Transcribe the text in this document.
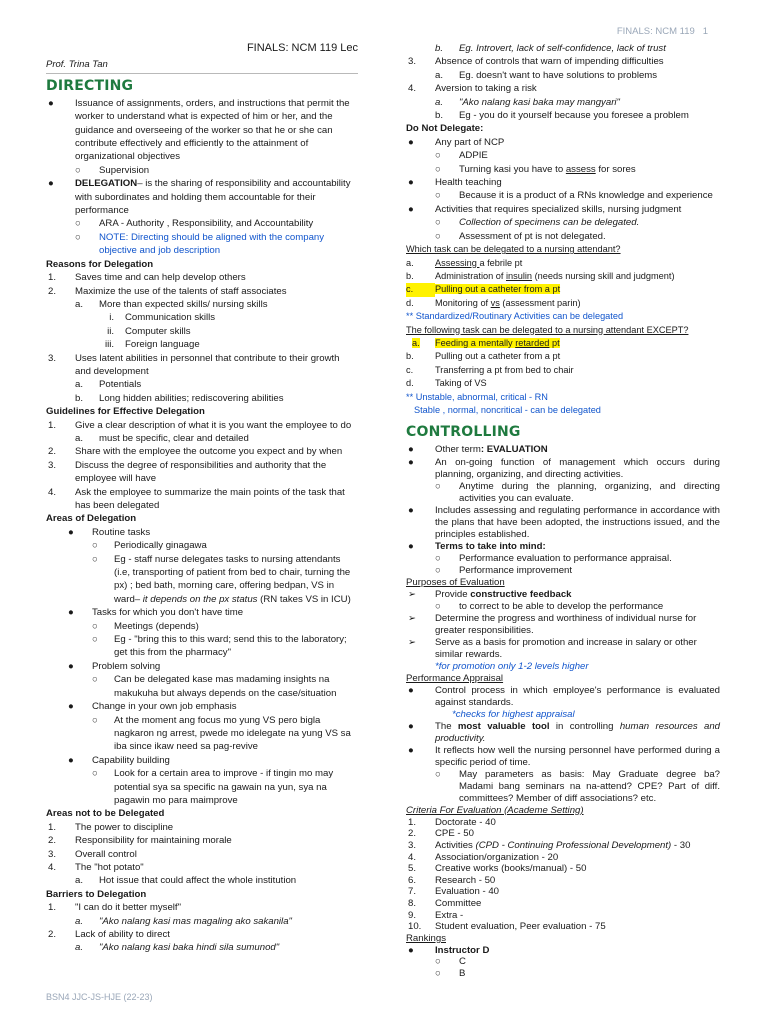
FINALS: NCM 119 1
FINALS: NCM 119 Lec
Prof. Trina Tan
DIRECTING
●	Issuance of assignments, orders, and instructions that permit the worker to understand what is expected of him or her, and the guidance and overseeing of the worker so that he or she can contribute effectively and efficiently to the attainment of organizational objectives
○	Supervision
●	DELEGATION– is the sharing of responsibility and accountability with subordinates and holding them accountable for their performance
○	ARA - Authority , Responsibility, and Accountability
○	NOTE: Directing should be aligned with the company objective and job description
Reasons for Delegation
1.	Saves time and can help develop others
2.	Maximize the use of the talents of staff associates
a.	More than expected skills/ nursing skills
i.	Communication skills
ii.	Computer skills
iii.	Foreign language
3.	Uses latent abilities in personnel that contribute to their growth and development
a.	Potentials
b.	Long hidden abilities; rediscovering abilities
Guidelines for Effective Delegation
1.	Give a clear description of what it is you want the employee to do
a.	must be specific, clear and detailed
2.	Share with the employee the outcome you expect and by when
3.	Discuss the degree of responsibilities and authority that the employee will have
4.	Ask the employee to summarize the main points of the task that has been delegated
Areas of Delegation
●	Routine tasks
○	Periodically ginagawa
○	Eg - staff nurse delegates tasks to nursing attendants (i.e, transporting of patient from bed to chair, turning the px) ; bed bath, morning care, offering bedpan, VS in ward– it depends on the px status (RN takes VS in ICU)
●	Tasks for which you don't have time
○	Meetings (depends)
○	Eg - "bring this to this ward; send this to the laboratory; get this from the pharmacy"
●	Problem solving
○	Can be delegated kase mas madaming insights na makukuha but always depends on the case/situation
●	Change in your own job emphasis
○	At the moment ang focus mo yung VS pero bigla nagkaron ng arrest, pwede mo idelegate na yung VS sa iba since ikaw need sa pag-revive
●	Capability building
○	Look for a certain area to improve - if tingin mo may potential sya sa specific na gawain na yun, sya na pagawin mo para maimprove
Areas not to be Delegated
1.	The power to discipline
2.	Responsibility for maintaining morale
3.	Overall control
4.	The "hot potato"
a.	Hot issue that could affect the whole institution
Barriers to Delegation
1.	"I can do it better myself"
a.	"Ako nalang kasi mas magaling ako sakanila"
2.	Lack of ability to direct
a.	"Ako nalang kasi baka hindi sila sumunod"
b.	Eg. Introvert, lack of self-confidence, lack of trust
3.	Absence of controls that warn of impending difficulties
a.	Eg. doesn't want to have solutions to problems
4.	Aversion to taking a risk
a.	"Ako nalang kasi baka may mangyari"
b.	Eg - you do it yourself because you foresee a problem
Do Not Delegate:
●	Any part of NCP
○	ADPIE
○	Turning kasi you have to assess for sores
●	Health teaching
○	Because it is a product of a RNs knowledge and experience
●	Activities that requires specialized skills, nursing judgment
○	Collection of specimens can be delegated.
○	Assessment of pt is not delegated.
Which task can be delegated to a nursing attendant?
a.	Assessing a febrile pt
b.	Administration of insulin (needs nursing skill and judgment)
c.	Pulling out a catheter from a pt
d.	Monitoring of vs (assessment parin)
** Standardized/Routinary Activities can be delegated
The following task can be delegated to a nursing attendant EXCEPT?
a.	Feeding a mentally retarded pt
b.	Pulling out a catheter from a pt
c.	Transferring a pt from bed to chair
d.	Taking of VS
** Unstable, abnormal, critical - RN
Stable , normal, noncritical - can be delegated
CONTROLLING
●	Other term: EVALUATION
●	An on-going function of management which occurs during planning, organizing, and directing activities.
○	Anytime during the planning, organizing, and directing activities you can evaluate.
●	Includes assessing and regulating performance in accordance with the plans that have been adopted, the instructions issued, and the principles established.
●	Terms to take into mind:
○	Performance evaluation to performance appraisal.
○	Performance improvement
Purposes of Evaluation
➢	Provide constructive feedback
○	to correct to be able to develop the performance
➢	Determine the progress and worthiness of individual nurse for greater responsibilities.
➢	Serve as a basis for promotion and increase in salary or other similar rewards.
*for promotion only 1-2 levels higher
Performance Appraisal
●	Control process in which employee's performance is evaluated against standards.
*checks for highest appraisal
●	The most valuable tool in controlling human resources and productivity.
●	It reflects how well the nursing personnel have performed during a specific period of time.
○	May parameters as basis: May Graduate degree ba? Madami bang seminars na na-attend? CPE? Part of diff. committees? Member of diff associations? etc.
Criteria For Evaluation (Academe Setting)
1.	Doctorate - 40
2.	CPE - 50
3.	Activities (CPD - Continuing Professional Development) - 30
4.	Association/organization - 20
5.	Creative works (books/manual) - 50
6.	Research - 50
7.	Evaluation - 40
8.	Committee
9.	Extra -
10.	Student evaluation, Peer evaluation - 75
Rankings
●	Instructor D
○	C
○	B
BSN4 JJC-JS-HJE (22-23)
